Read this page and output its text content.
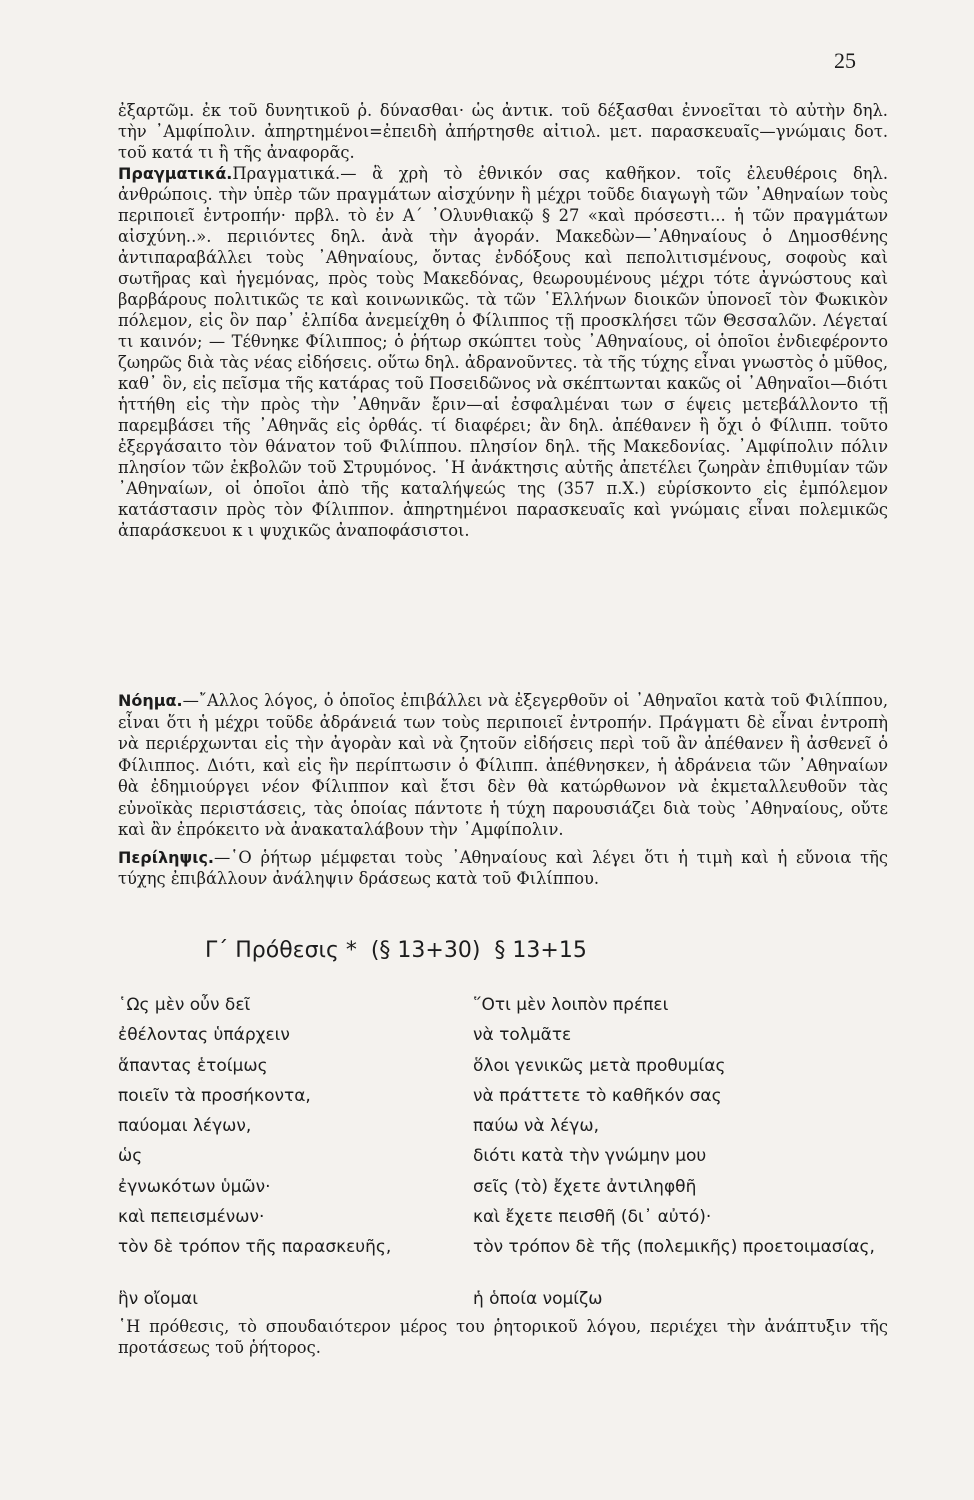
25

ἐξαρτῶμ. ἐκ τοῦ δυνητικοῦ ῥ. δύνασθαι· ὡς ἀντικ. τοῦ δέξασθαι ἐννοεῖται τὸ αὐτὴν δηλ. τὴν ᾿Αμφίπολιν. ἀπηρτημένοι=ἐπειδὴ ἀπήρτησθε αἰτιολ. μετ. παρασκευαῖς—γνώμαις δοτ. τοῦ κατά τι ἢ τῆς ἀναφορᾶς.

Πραγματικά.Πραγματικά.— ἃ χρὴ τὸ ἐθνικόν σας καθῆκον. τοῖς ἐλευθέροις δηλ. ἀνθρώποις. τὴν ὑπὲρ τῶν πραγμάτων αἰσχύνην ἢ μέχρι τοῦδε διαγωγὴ τῶν ᾿Αθηναίων τοὺς περιποιεῖ ἐντροπήν· πρβλ. τὸ ἐν Α΄ ᾿Ολυνθιακῷ § 27 «καὶ πρόσεστι... ἡ τῶν πραγμάτων αἰσχύνη..». περιιόντες δηλ. ἀνὰ τὴν ἀγοράν. Μακεδὼν—᾿Αθηναίους ὁ Δημοσθένης ἀντιπαραβάλλει τοὺς ᾿Αθηναίους, ὄντας ἐνδόξους καὶ πεπολιτισμένους, σοφοὺς καὶ σωτῆρας καὶ ἡγεμόνας, πρὸς τοὺς Μακεδόνας, θεωρουμένους μέχρι τότε ἀγνώστους καὶ βαρβάρους πολιτικῶς τε καὶ κοινωνικῶς. τὰ τῶν ῾Ελλήνων διοικῶν ὑπονοεῖ τὸν Φωκικὸν πόλεμον, εἰς ὃν παρ᾿ ἐλπίδα ἀνεμείχθη ὁ Φίλιππος τῇ προσκλήσει τῶν Θεσσαλῶν. Λέγεταί τι καινόν; — Τέθνηκε Φίλιππος; ὁ ῥήτωρ σκώπτει τοὺς ᾿Αθηναίους, οἱ ὁποῖοι ἐνδιεφέροντο ζωηρῶς διὰ τὰς νέας εἰδήσεις. οὕτω δηλ. ἀδρανοῦντες. τὰ τῆς τύχης εἶναι γνωστὸς ὁ μῦθος, καθ᾿ ὃν, εἰς πεῖσμα τῆς κατάρας τοῦ Ποσειδῶνος νὰ σκέπτωνται κακῶς οἱ ᾿Αθηναῖοι—διότι ἡττήθη εἰς τὴν πρὸς τὴν ᾿Αθηνᾶν ἔριν—αἱ ἐσφαλμέναι των σ έψεις μετεβάλλοντο τῇ παρεμβάσει τῆς ᾿Αθηνᾶς εἰς ὀρθάς. τί διαφέρει; ἂν δηλ. ἀπέθανεν ἢ ὄχι ὁ Φίλιππ. τοῦτο ἐξεργάσαιτο τὸν θάνατον τοῦ Φιλίππου. πλησίον δηλ. τῆς Μακεδονίας. ᾿Αμφίπολιν πόλιν πλησίον τῶν ἐκβολῶν τοῦ Στρυμόνος. ῾Η ἀνάκτησις αὐτῆς ἀπετέλει ζωηρὰν ἐπιθυμίαν τῶν ᾿Αθηναίων, οἱ ὁποῖοι ἀπὸ τῆς καταλήψεώς της (357 π.Χ.) εὑρίσκοντο εἰς ἐμπόλεμον κατάστασιν πρὸς τὸν Φίλιππον. ἀπηρτημένοι παρασκευαῖς καὶ γνώμαις εἶναι πολεμικῶς ἀπαράσκευοι κ ι ψυχικῶς ἀναποφάσιστοι.

Νόημα.—῎Αλλος λόγος, ὁ ὁποῖος ἐπιβάλλει νὰ ἐξεγερθοῦν οἱ ᾿Αθηναῖοι κατὰ τοῦ Φιλίππου, εἶναι ὅτι ἡ μέχρι τοῦδε ἀδράνειά των τοὺς περιποιεῖ ἐντροπήν. Πράγματι δὲ εἶναι ἐντροπὴ νὰ περιέρχωνται εἰς τὴν ἀγορὰν καὶ νὰ ζητοῦν εἰδήσεις περὶ τοῦ ἂν ἀπέθανεν ἢ ἀσθενεῖ ὁ Φίλιππος. Διότι, καὶ εἰς ἣν περίπτωσιν ὁ Φίλιππ. ἀπέθνησκεν, ἡ ἀδράνεια τῶν ᾿Αθηναίων θὰ ἐδημιούργει νέον Φίλιππον καὶ ἔτσι δὲν θὰ κατώρθωνον νὰ ἐκμεταλλευθοῦν τὰς εὐνοϊκὰς περιστάσεις, τὰς ὁποίας πάντοτε ἡ τύχη παρουσιάζει διὰ τοὺς ᾿Αθηναίους, οὔτε καὶ ἂν ἐπρόκειτο νὰ ἀνακαταλάβουν τὴν ᾿Αμφίπολιν.

Περίληψις.—῾Ο ῥήτωρ μέμφεται τοὺς ᾿Αθηναίους καὶ λέγει ὅτι ἡ τιμὴ καὶ ἡ εὔνοια τῆς τύχης ἐπιβάλλουν ἀνάληψιν δράσεως κατὰ τοῦ Φιλίππου.

Γ΄ Πρόθεσις *  (§ 13+30)  § 13+15
῾Ως μὲν οὖν δεῖ	῞Οτι μὲν λοιπὸν πρέπει
ἐθέλοντας ὑπάρχειν	νὰ τολμᾶτε
ἅπαντας ἑτοίμως	ὅλοι γενικῶς μετὰ προθυμίας
ποιεῖν τὰ προσήκοντα,	νὰ πράττετε τὸ καθῆκόν σας
παύομαι λέγων,	παύω νὰ λέγω,
ὡς	διότι κατὰ τὴν γνώμην μου
ἐγνωκότων ὑμῶν·	σεῖς (τὸ) ἔχετε ἀντιληφθῆ
καὶ πεπεισμένων·	καὶ ἔχετε πεισθῆ (δι᾿ αὐτό)·
τὸν δὲ τρόπον τῆς παρασκευῆς,	τὸν τρόπον δὲ τῆς (πολεμικῆς) προετοιμασίας,
ἣν οἴομαι	ἡ ὁποία νομίζω

῾Η πρόθεσις, τὸ σπουδαιότερον μέρος του ῥητορικοῦ λόγου, περιέχει τὴν ἀνάπτυξιν τῆς προτάσεως τοῦ ῥήτορος.
